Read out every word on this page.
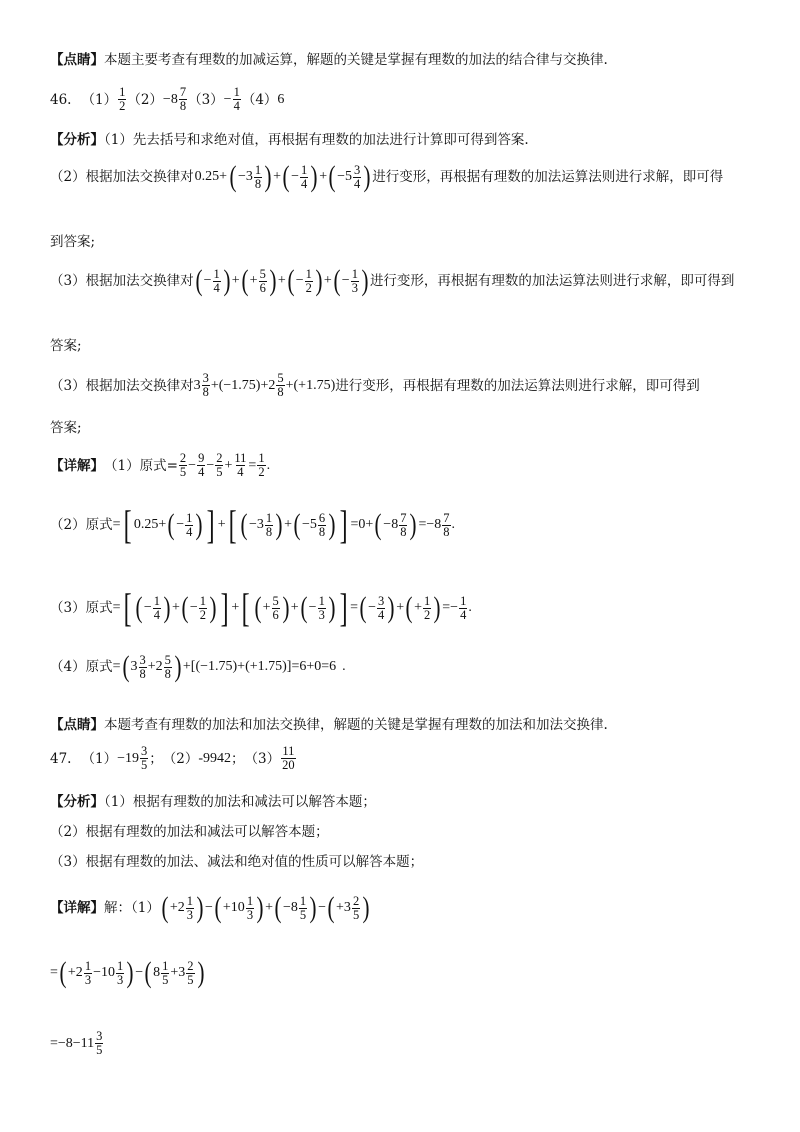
【点睛】本题主要考查有理数的加减运算，解题的关键是掌握有理数的加法的结合律与交换律.
46. $(1) \frac{1}{2} (2) -8 \frac{7}{8} (3) - \frac{1}{4} (4)$ 6
【分析】（1）先去括号和求绝对值，再根据有理数的加法进行计算即可得到答案.
（2）根据加法交换律对 0.25+ ( $-3 \frac{1}{8}$ ) + ( − $\frac{1}{4}$ ) + ( $-5 \frac{3}{4}$ ) 进行变形，再根据有理数的加法运算法则进行求解，即可得
到答案;
（3）根据加法交换律对 ( − $\frac{1}{4}$ ) + ( + $\frac{5}{6}$ ) + ( − $\frac{1}{2}$ ) + ( − $\frac{1}{3}$ ) 进行变形，再根据有理数的加法运算法则进行求解，即可得到
答案;
（3）根据加法交换律对 $3 \frac{3}{8} +(-1.75)+2 \frac{5}{8} +(+1.75)$ 进行变形，再根据有理数的加法运算法则进行求解，即可得到
答案;
【详解】 （1）原式= $\frac{2}{5} - \frac{9}{4} - \frac{2}{5} + \frac{11}{4} = \frac{1}{2}$ .
（2）原式 = [ 0.25+ ( − $\frac{1}{4}$ ) ] + [ ( $-3 \frac{1}{8}$ ) + ( $-5 \frac{6}{8}$ ) ] =0+ ( $-8 \frac{7}{8}$ ) $=-8 \frac{7}{8}$ .
（3）原式 = [ ( − $\frac{1}{4}$ ) + ( − $\frac{1}{2}$ ) ] + [ ( + $\frac{5}{6}$ ) + ( − $\frac{1}{3}$ ) ] = ( − $\frac{3}{4}$ ) + ( + $\frac{1}{2}$ ) =− $\frac{1}{4}$ .
（4）原式 = ( $3 \frac{3}{8} +2 \frac{5}{8}$ ) +[(−1.75)+(+1.75)]=6+0=6 .
【点睛】本题考查有理数的加法和加法交换律，解题的关键是掌握有理数的加法和加法交换律.
47. $(1) -19 \frac{3}{5}$ ； （2） -9942 ； $(3) \frac{11}{20}$
【分析】（1）根据有理数的加法和减法可以解答本题；
（2）根据有理数的加法和减法可以解答本题；
（3）根据有理数的加法、减法和绝对值的性质可以解答本题；
【详解】 解：（1） ( $+2 \frac{1}{3}$ ) − ( $+10 \frac{1}{3}$ ) + ( $-8 \frac{1}{5}$ ) − ( $+3 \frac{2}{5}$ )
= ( $+2 \frac{1}{3} -10 \frac{1}{3}$ ) − ( $8 \frac{1}{5} +3 \frac{2}{5}$ )
$=-8-11 \frac{3}{5}$
